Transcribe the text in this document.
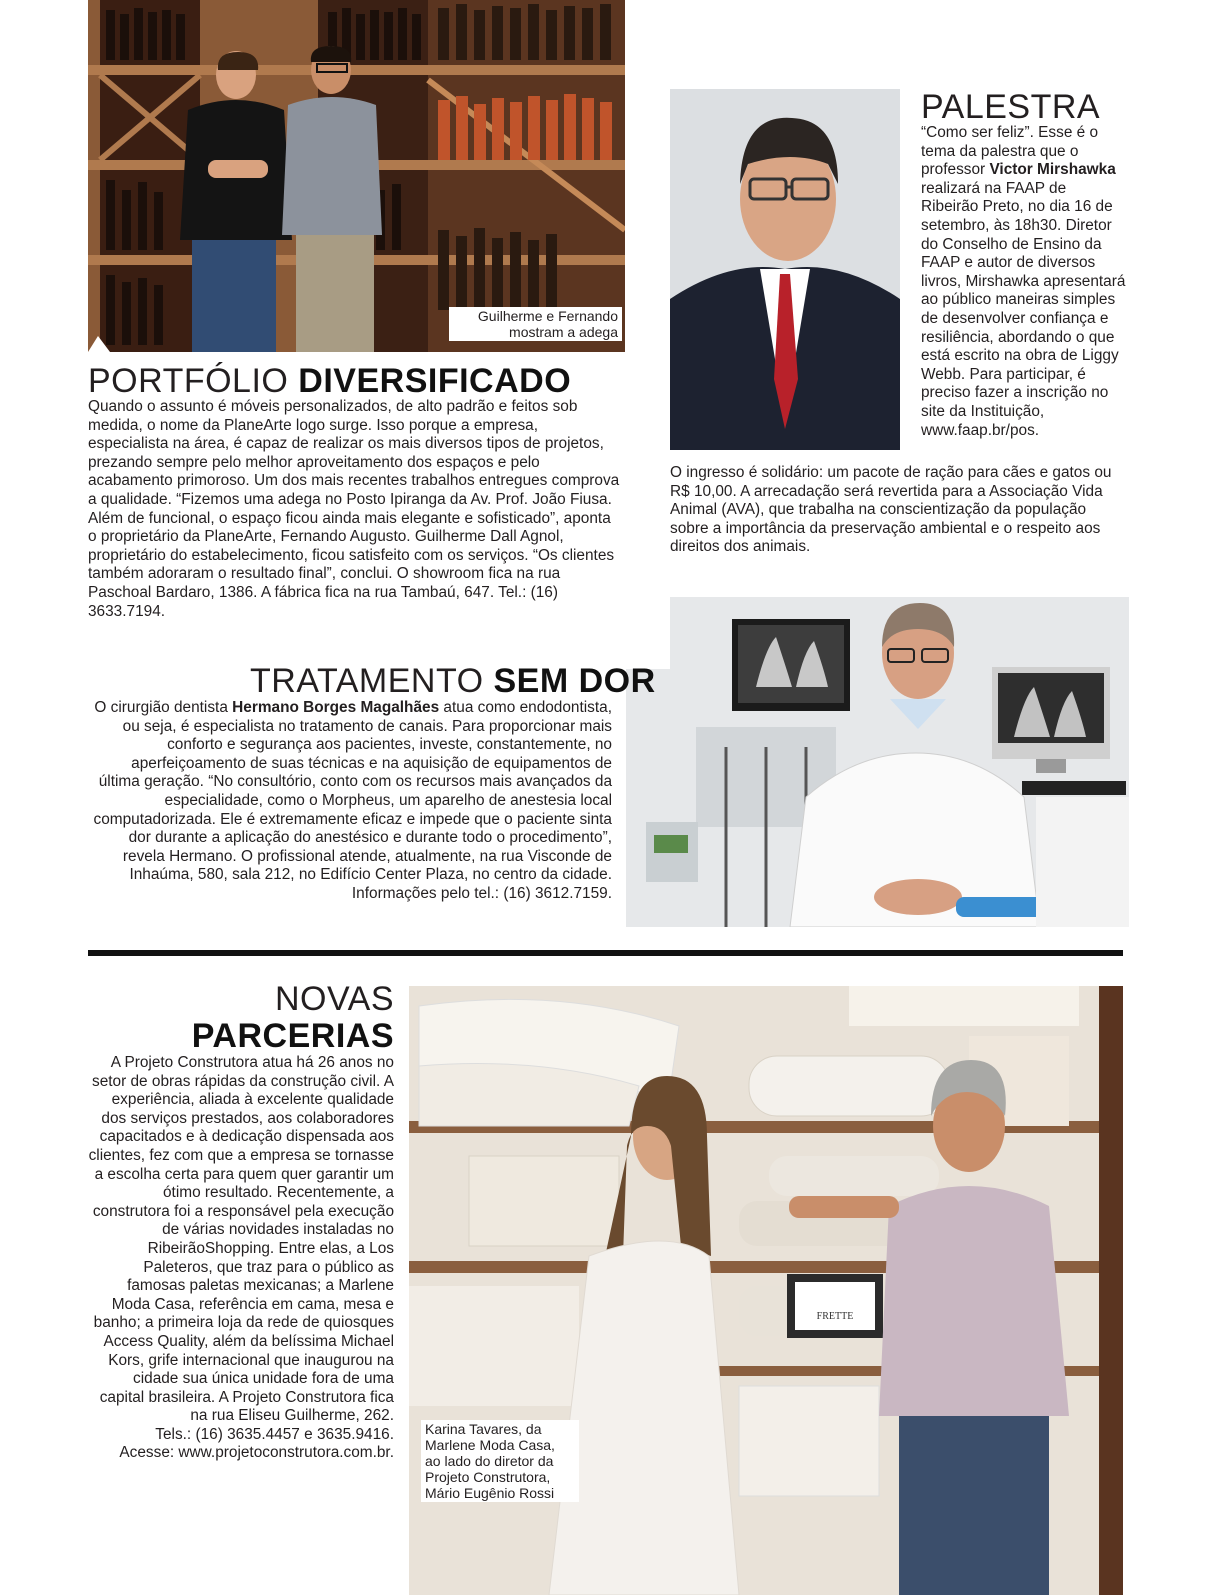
Guilherme e Fernando
mostram a adega
PORTFÓLIO DIVERSIFICADO

Quando o assunto é móveis personalizados, de alto padrão e feitos sob medida, o nome da PlaneArte logo surge. Isso porque a empresa, especialista na área, é capaz de realizar os mais diversos tipos de projetos, prezando sempre pelo melhor aproveitamento dos espaços e pelo acabamento primoroso. Um dos mais recentes trabalhos entregues comprova a qualidade. “Fizemos uma adega no Posto Ipiranga da Av. Prof. João Fiusa. Além de funcional, o espaço ficou ainda mais elegante e sofisticado”, aponta o proprietário da PlaneArte, Fernando Augusto. Guilherme Dall Agnol, proprietário do estabelecimento, ficou satisfeito com os serviços. “Os clientes também adoraram o resultado final”, conclui. O showroom fica na rua Paschoal Bardaro, 1386. A fábrica fica na rua Tambaú, 647. Tel.: (16) 3633.7194.

PALESTRA

“Como ser feliz”. Esse é o tema da palestra que o professor Victor Mirshawka realizará na FAAP de Ribeirão Preto, no dia 16 de setembro, às 18h30. Diretor do Conselho de Ensino da FAAP e autor de diversos livros, Mirshawka apresentará ao público maneiras simples de desenvolver confiança e resiliência, abordando o que está escrito na obra de Liggy Webb. Para participar, é preciso fazer a inscrição no site da Instituição, www.faap.br/pos.

O ingresso é solidário: um pacote de ração para cães e gatos ou R$ 10,00. A arrecadação será revertida para a Associação Vida Animal (AVA), que trabalha na conscientização da população sobre a importância da preservação ambiental e o respeito aos direitos dos animais.

TRATAMENTO SEM DOR

O cirurgião dentista Hermano Borges Magalhães atua como endodontista, ou seja, é especialista no tratamento de canais. Para proporcionar mais conforto e segurança aos pacientes, investe, constantemente, no aperfeiçoamento de suas técnicas e na aquisição de equipamentos de última geração. “No consultório, conto com os recursos mais avançados da especialidade, como o Morpheus, um aparelho de anestesia local computadorizada. Ele é extremamente eficaz e impede que o paciente sinta dor durante a aplicação do anestésico e durante todo o procedimento”, revela Hermano. O profissional atende, atualmente, na rua Visconde de Inhaúma, 580, sala 212, no Edifício Center Plaza, no centro da cidade. Informações pelo tel.: (16) 3612.7159.

NOVAS
PARCERIAS
A Projeto Construtora atua há 26 anos no setor de obras rápidas da construção civil. A experiência, aliada à excelente qualidade dos serviços prestados, aos colaboradores capacitados e à dedicação dispensada aos clientes, fez com que a empresa se tornasse a escolha certa para quem quer garantir um ótimo resultado. Recentemente, a construtora foi a responsável pela execução de várias novidades instaladas no RibeirãoShopping. Entre elas, a Los Paleteros, que traz para o público as famosas paletas mexicanas; a Marlene Moda Casa, referência em cama, mesa e banho; a primeira loja da rede de quiosques Access Quality, além da belíssima Michael Kors, grife internacional que inaugurou na cidade sua única unidade fora de uma capital brasileira. A Projeto Construtora fica na rua Eliseu Guilherme, 262.
Tels.: (16) 3635.4457 e 3635.9416.
Acesse: www.projetoconstrutora.com.br.
FRETTE
Karina Tavares, da
Marlene Moda Casa,
ao lado do diretor da
Projeto Construtora,
Mário Eugênio Rossi
